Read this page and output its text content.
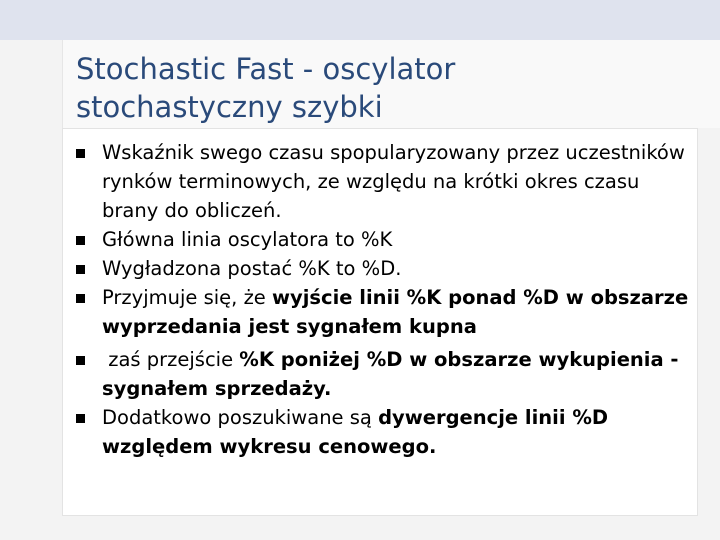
Stochastic Fast - oscylator
stochastyczny szybki
Wskaźnik swego czasu spopularyzowany przez uczestników rynków terminowych, ze względu na krótki okres czasu brany do obliczeń.
Główna linia oscylatora to %K
Wygładzona postać %K to %D.
Przyjmuje się, że wyjście linii %K ponad %D w obszarze wyprzedania jest sygnałem kupna
zaś przejście %K poniżej %D w obszarze wykupienia - sygnałem sprzedaży.
Dodatkowo poszukiwane są dywergencje linii %D względem wykresu cenowego.
